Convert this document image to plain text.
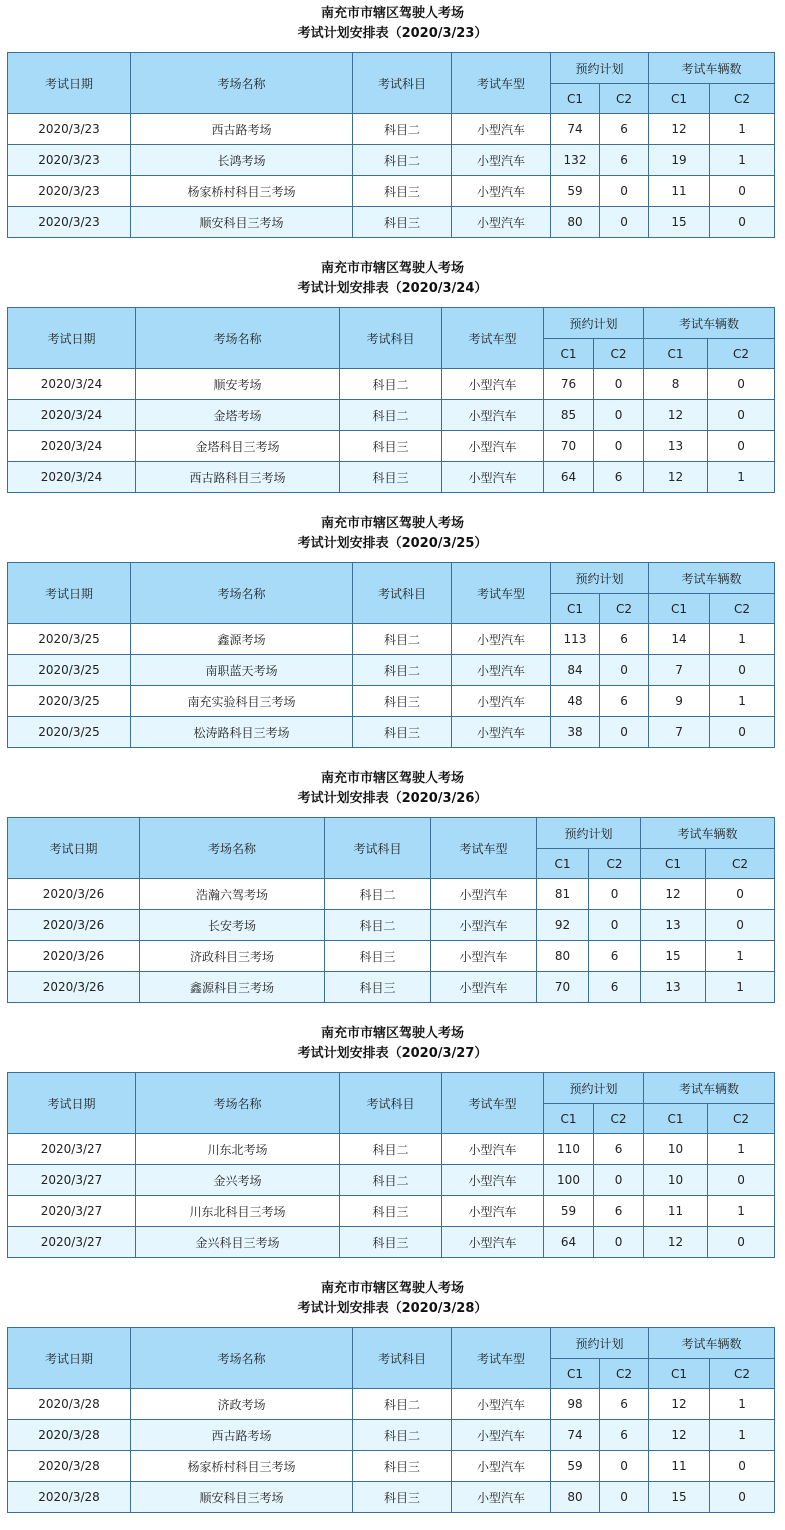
南充市市辖区驾驶人考场
考试计划安排表（2020/3/23）
考试日期	考场名称	考试科目	考试车型	预约计划		考试车辆数	
				C1	C2	C1	C2
2020/3/23	西古路考场	科目二	小型汽车	74	6	12	1
2020/3/23	长鸿考场	科目二	小型汽车	132	6	19	1
2020/3/23	杨家桥村科目三考场	科目三	小型汽车	59	0	11	0
2020/3/23	顺安科目三考场	科目三	小型汽车	80	0	15	0
南充市市辖区驾驶人考场
考试计划安排表（2020/3/24）
考试日期	考场名称	考试科目	考试车型	预约计划		考试车辆数	
				C1	C2	C1	C2
2020/3/24	顺安考场	科目二	小型汽车	76	0	8	0
2020/3/24	金塔考场	科目二	小型汽车	85	0	12	0
2020/3/24	金塔科目三考场	科目三	小型汽车	70	0	13	0
2020/3/24	西古路科目三考场	科目三	小型汽车	64	6	12	1
南充市市辖区驾驶人考场
考试计划安排表（2020/3/25）
考试日期	考场名称	考试科目	考试车型	预约计划		考试车辆数	
				C1	C2	C1	C2
2020/3/25	鑫源考场	科目二	小型汽车	113	6	14	1
2020/3/25	南职蓝天考场	科目二	小型汽车	84	0	7	0
2020/3/25	南充实验科目三考场	科目三	小型汽车	48	6	9	1
2020/3/25	松涛路科目三考场	科目三	小型汽车	38	0	7	0
南充市市辖区驾驶人考场
考试计划安排表（2020/3/26）
考试日期	考场名称	考试科目	考试车型	预约计划		考试车辆数	
				C1	C2	C1	C2
2020/3/26	浩瀚六驾考场	科目二	小型汽车	81	0	12	0
2020/3/26	长安考场	科目二	小型汽车	92	0	13	0
2020/3/26	济政科目三考场	科目三	小型汽车	80	6	15	1
2020/3/26	鑫源科目三考场	科目三	小型汽车	70	6	13	1
南充市市辖区驾驶人考场
考试计划安排表（2020/3/27）
考试日期	考场名称	考试科目	考试车型	预约计划		考试车辆数	
				C1	C2	C1	C2
2020/3/27	川东北考场	科目二	小型汽车	110	6	10	1
2020/3/27	金兴考场	科目二	小型汽车	100	0	10	0
2020/3/27	川东北科目三考场	科目三	小型汽车	59	6	11	1
2020/3/27	金兴科目三考场	科目三	小型汽车	64	0	12	0
南充市市辖区驾驶人考场
考试计划安排表（2020/3/28）
考试日期	考场名称	考试科目	考试车型	预约计划		考试车辆数	
				C1	C2	C1	C2
2020/3/28	济政考场	科目二	小型汽车	98	6	12	1
2020/3/28	西古路考场	科目二	小型汽车	74	6	12	1
2020/3/28	杨家桥村科目三考场	科目三	小型汽车	59	0	11	0
2020/3/28	顺安科目三考场	科目三	小型汽车	80	0	15	0
